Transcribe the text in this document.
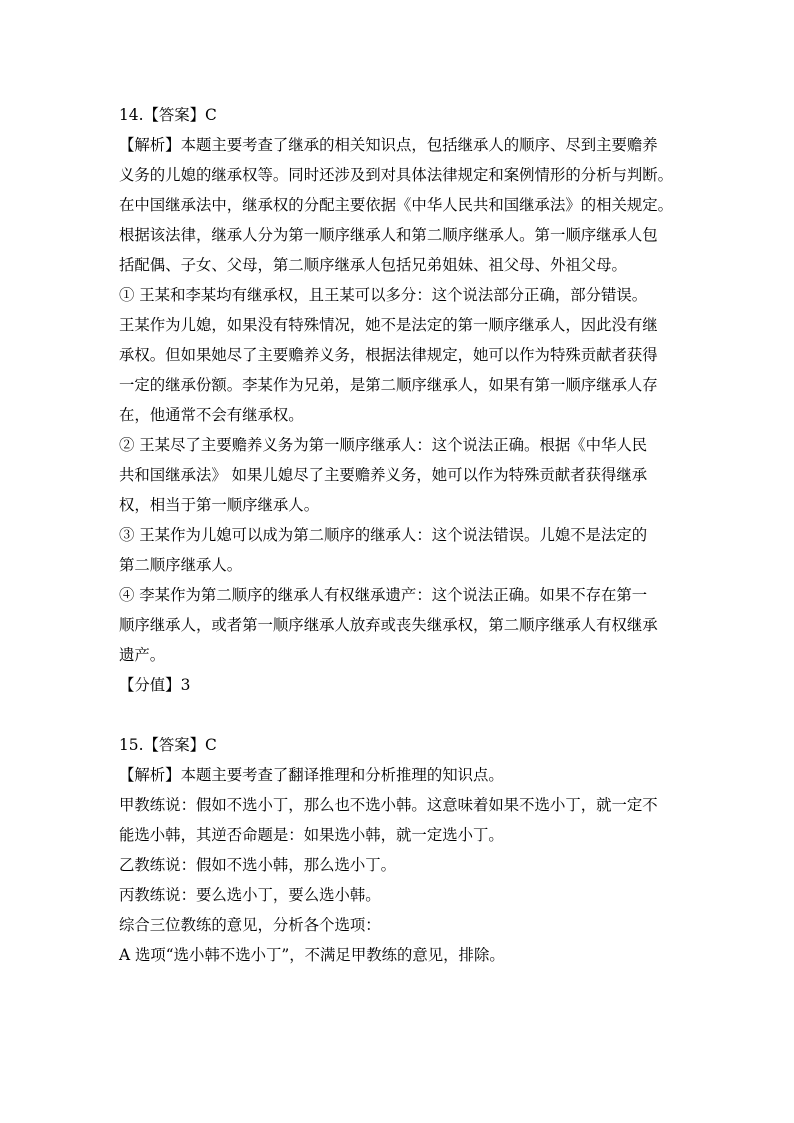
14.【答案】C
【解析】本题主要考查了继承的相关知识点，包括继承人的顺序、尽到主要赡养
义务的儿媳的继承权等。同时还涉及到对具体法律规定和案例情形的分析与判断。
在中国继承法中，继承权的分配主要依据《中华人民共和国继承法》的相关规定。
根据该法律，继承人分为第一顺序继承人和第二顺序继承人。第一顺序继承人包
括配偶、子女、父母，第二顺序继承人包括兄弟姐妹、祖父母、外祖父母。
① 王某和李某均有继承权，且王某可以多分：这个说法部分正确，部分错误。
王某作为儿媳，如果没有特殊情况，她不是法定的第一顺序继承人，因此没有继
承权。但如果她尽了主要赡养义务，根据法律规定，她可以作为特殊贡献者获得
一定的继承份额。李某作为兄弟，是第二顺序继承人，如果有第一顺序继承人存
在，他通常不会有继承权。
② 王某尽了主要赡养义务为第一顺序继承人：这个说法正确。根据《中华人民
共和国继承法》 如果儿媳尽了主要赡养义务，她可以作为特殊贡献者获得继承
权，相当于第一顺序继承人。
③ 王某作为儿媳可以成为第二顺序的继承人：这个说法错误。儿媳不是法定的
第二顺序继承人。
④ 李某作为第二顺序的继承人有权继承遗产：这个说法正确。如果不存在第一
顺序继承人，或者第一顺序继承人放弃或丧失继承权，第二顺序继承人有权继承
遗产。
【分值】3
15.【答案】C
【解析】本题主要考查了翻译推理和分析推理的知识点。
甲教练说：假如不选小丁，那么也不选小韩。这意味着如果不选小丁，就一定不
能选小韩，其逆否命题是：如果选小韩，就一定选小丁。
乙教练说：假如不选小韩，那么选小丁。
丙教练说：要么选小丁，要么选小韩。
综合三位教练的意见，分析各个选项：
A 选项“选小韩不选小丁”，不满足甲教练的意见，排除。
